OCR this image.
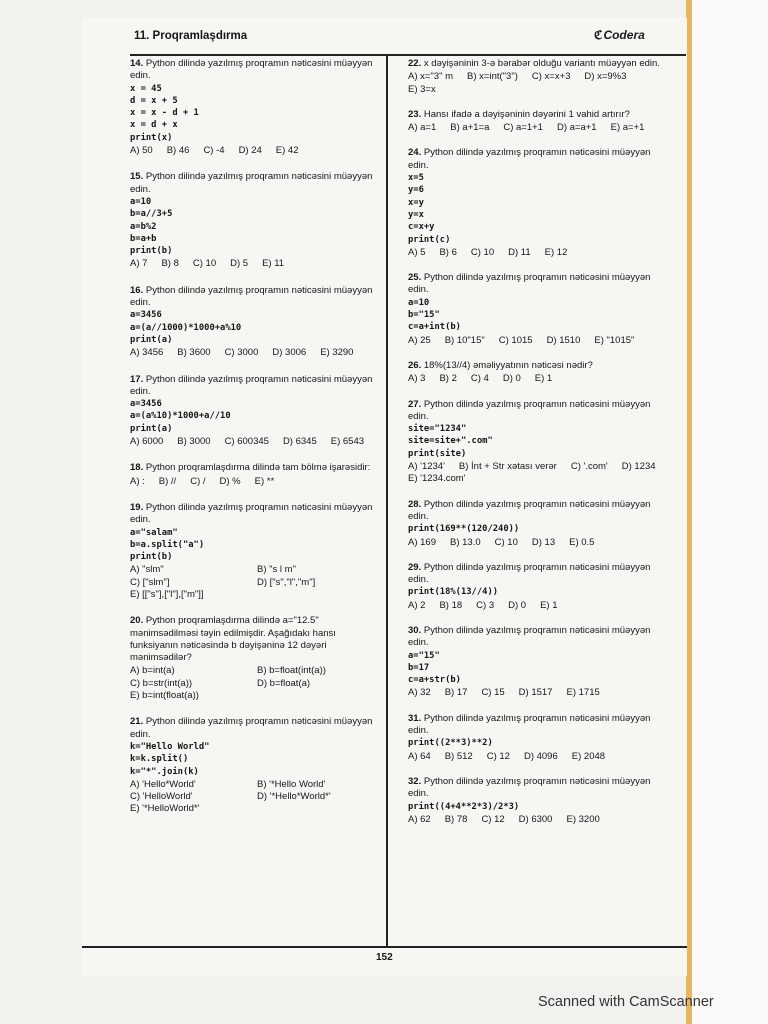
11. Proqramlaşdırma	ℭCodera
14. Python dilində yazılmış proqramın nəticəsini müəyyən edin.
x = 45
d = x + 5
x = x - d + 1
x = d + x
print(x)
A) 50 B) 46 C) -4 D) 24 E) 42
15. Python dilində yazılmış proqramın nəticəsini müəyyən edin.
a=10
b=a//3+5
a=b%2
b=a+b
print(b)
A) 7 B) 8 C) 10 D) 5 E) 11
16. Python dilində yazılmış proqramın nəticəsini müəyyən edin.
a=3456
a=(a//1000)*1000+a%10
print(a)
A) 3456 B) 3600 C) 3000 D) 3006 E) 3290
17. Python dilində yazılmış proqramın nəticəsini müəyyən edin.
a=3456
a=(a%10)*1000+a//10
print(a)
A) 6000 B) 3000 C) 600345 D) 6345 E) 6543
18. Python proqramlaşdırma dilində tam bölmə işarəsidir:
A) : B) // C) / D) % E) **
19. Python dilində yazılmış proqramın nəticəsini müəyyən edin.
a="salam"
b=a.split("a")
print(b)
A) "slm"	B) "s l m"
C) ["slm"]	D) ["s","l","m"]
E) [["s"],["l"],["m"]]
20. Python proqramlaşdırma dilində a="12.5" mənimsədilməsi təyin edilmişdir. Aşağıdakı hansı funksiyanın nəticəsində b dəyişəninə 12 dəyəri mənimsədilər?
A) b=int(a)	B) b=float(int(a))
C) b=str(int(a))	D) b=float(a)
E) b=int(float(a))
21. Python dilində yazılmış proqramın nəticəsini müəyyən edin.
k="Hello World"
k=k.split()
k="*".join(k)
A) 'Hello*World'	B) '*Hello World'
C) 'HelloWorld'	D) '*Hello*World*'
E) '*HelloWorld*'
22. x dəyişəninin 3-ə bərabər olduğu variantı müəyyən edin.
A) x="3" m B) x=int("3") C) x=x+3 D) x=9%3
E) 3=x
23. Hansı ifadə a dəyişəninin dəyərini 1 vahid artırır?
A) a=1 B) a+1=a C) a=1+1 D) a=a+1 E) a=+1
24. Python dilində yazılmış proqramın nəticəsini müəyyən edin.
x=5
y=6
x=y
y=x
c=x+y
print(c)
A) 5 B) 6 C) 10 D) 11 E) 12
25. Python dilində yazılmış proqramın nəticəsini müəyyən edin.
a=10
b="15"
c=a+int(b)
A) 25 B) 10"15" C) 1015 D) 1510 E) "1015"
26. 18%(13//4) əməliyyatının nəticəsi nədir?
A) 3 B) 2 C) 4 D) 0 E) 1
27. Python dilində yazılmış proqramın nəticəsini müəyyən edin.
site="1234"
site=site+".com"
print(site)
A) '1234' B) İnt + Str xətası verər C) '.com' D) 1234
E) '1234.com'
28. Python dilində yazılmış proqramın nəticəsini müəyyən edin.
print(169**(120/240))
A) 169 B) 13.0 C) 10 D) 13 E) 0.5
29. Python dilində yazılmış proqramın nəticəsini müəyyən edin.
print(18%(13//4))
A) 2 B) 18 C) 3 D) 0 E) 1
30. Python dilində yazılmış proqramın nəticəsini müəyyən edin.
a="15"
b=17
c=a+str(b)
A) 32 B) 17 C) 15 D) 1517 E) 1715
31. Python dilində yazılmış proqramın nəticəsini müəyyən edin.
print((2**3)**2)
A) 64 B) 512 C) 12 D) 4096 E) 2048
32. Python dilində yazılmış proqramın nəticəsini müəyyən edin.
print((4+4**2*3)/2*3)
A) 62 B) 78 C) 12 D) 6300 E) 3200
152
Scanned with CamScanner
